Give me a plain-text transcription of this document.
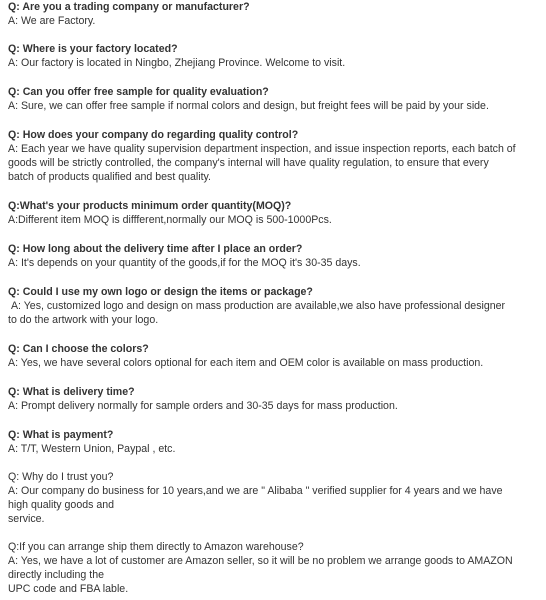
Q: Are you a trading company or manufacturer?
A: We are Factory.
Q: Where is your factory located?
A: Our factory is located in Ningbo, Zhejiang Province. Welcome to visit.
Q: Can you offer free sample for quality evaluation?
A: Sure, we can offer free sample if normal colors and design, but freight fees will be paid by your side.
Q: How does your company do regarding quality control?
A: Each year we have quality supervision department inspection, and issue inspection reports, each batch of goods will be strictly controlled, the company's internal will have quality regulation, to ensure that every batch of products qualified and best quality.
Q:What's your products minimum order quantity(MOQ)?
A:Different item MOQ is diffferent,normally our MOQ is 500-1000Pcs.
Q: How long about the delivery time after I place an order?
A: It's depends on your quantity of the goods,if for the MOQ it's 30-35 days.
Q: Could I use my own logo or design the items or package?
A: Yes, customized logo and design on mass production are available,we also have professional designer to do the artwork with your logo.
Q: Can I choose the colors?
A: Yes, we have several colors optional for each item and OEM color is available on mass production.
Q: What is delivery time?
A: Prompt delivery normally for sample orders and 30-35 days for mass production.
Q: What is payment?
A: T/T, Western Union, Paypal , etc.
Q: Why do I trust you?
A: Our company do business for 10 years,and we are " Alibaba " verified supplier for 4 years and we have high quality goods and
service.
Q:If you can arrange ship them directly to Amazon warehouse?
A: Yes, we have a lot of customer are Amazon seller, so it will be no problem we arrange goods to AMAZON directly including the
UPC code and FBA lable.
